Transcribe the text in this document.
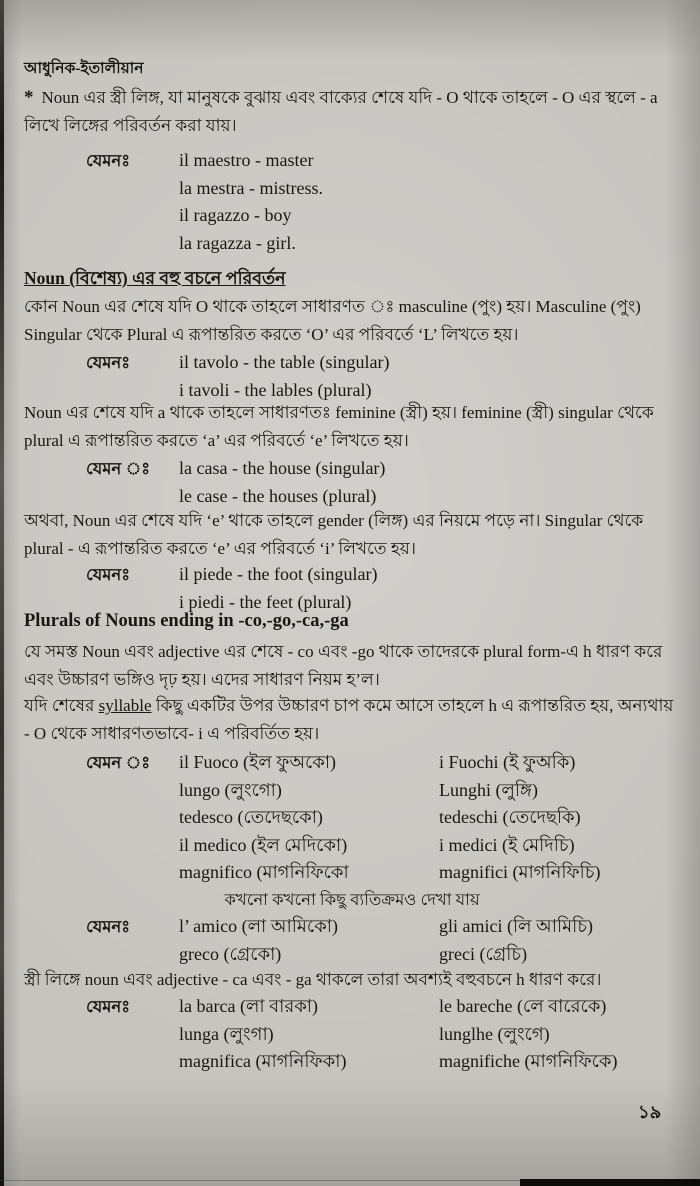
আধুনিক-ইতালীয়ান
* Noun এর স্ত্রী লিঙ্গ, যা মানুষকে বুঝায় এবং বাক্যের শেষে যদি - O থাকে তাহলে - O এর স্থলে - a লিখে লিঙ্গের পরিবর্তন করা যায়।
যেমনঃ	il maestro - master
la mestra - mistress.
il ragazzo - boy
la ragazza - girl.
Noun (বিশেষ্য) এর বহু বচনে পরিবর্তন
কোন Noun এর শেষে যদি O থাকে তাহলে সাধারণত ঃ masculine (পুং) হয়। Masculine (পুং) Singular থেকে Plural এ রূপান্তরিত করতে ‘O’ এর পরিবর্তে ‘L’ লিখতে হয়।
যেমনঃ	il tavolo - the table (singular)
i tavoli - the lables (plural)
Noun এর শেষে যদি a থাকে তাহলে সাধারণতঃ feminine (স্ত্রী) হয়। feminine (স্ত্রী) singular থেকে plural এ রূপান্তরিত করতে ‘a’ এর পরিবর্তে ‘e’ লিখতে হয়।
যেমন ঃ	la casa - the house (singular)
le case - the houses (plural)
অথবা, Noun এর শেষে যদি ‘e’ থাকে তাহলে gender (লিঙ্গ) এর নিয়মে পড়ে না। Singular থেকে plural - এ রূপান্তরিত করতে ‘e’ এর পরিবর্তে ‘i’ লিখতে হয়।
যেমনঃ	il piede - the foot (singular)
i piedi - the feet (plural)
Plurals of Nouns ending in -co,-go,-ca,-ga
যে সমস্ত Noun এবং adjective এর শেষে - co এবং -go থাকে তাদেরকে plural form-এ h ধারণ করে এবং উচ্চারণ ভঙ্গিও দৃঢ় হয়। এদের সাধারণ নিয়ম হ’ল।
যদি শেষের syllable কিছু একটির উপর উচ্চারণ চাপ কমে আসে তাহলে h এ রূপান্তরিত হয়, অন্যথায় - O থেকে সাধারণতভাবে- i এ পরিবর্তিত হয়।
যেমন ঃ	il Fuoco (ইল ফুঅকো)	i Fuochi (ই ফুঅকি)
lungo (লুংগো)	Lunghi (লুঙ্গি)
tedesco (তেদেছকো)	tedeschi (তেদেছকি)
il medico (ইল মেদিকো)	i medici (ই মেদিচি)
magnifico (মাগনিফিকো	magnifici (মাগনিফিচি)
কখনো কখনো কিছু ব্যতিক্রমও দেখা যায়
যেমনঃ	l’ amico (লা আমিকো)	gli amici (লি আমিচি)
greco (গ্রেকো)	greci (গ্রেচি)
স্ত্রী লিঙ্গে noun এবং adjective - ca এবং - ga থাকলে তারা অবশ্যই বহুবচনে h ধারণ করে।
যেমনঃ	la barca (লা বারকা)	le bareche (লে বারেকে)
lunga (লুংগা)	lunglhe (লুংগে)
magnifica (মাগনিফিকা)	magnifiche (মাগনিফিকে)
১৯
